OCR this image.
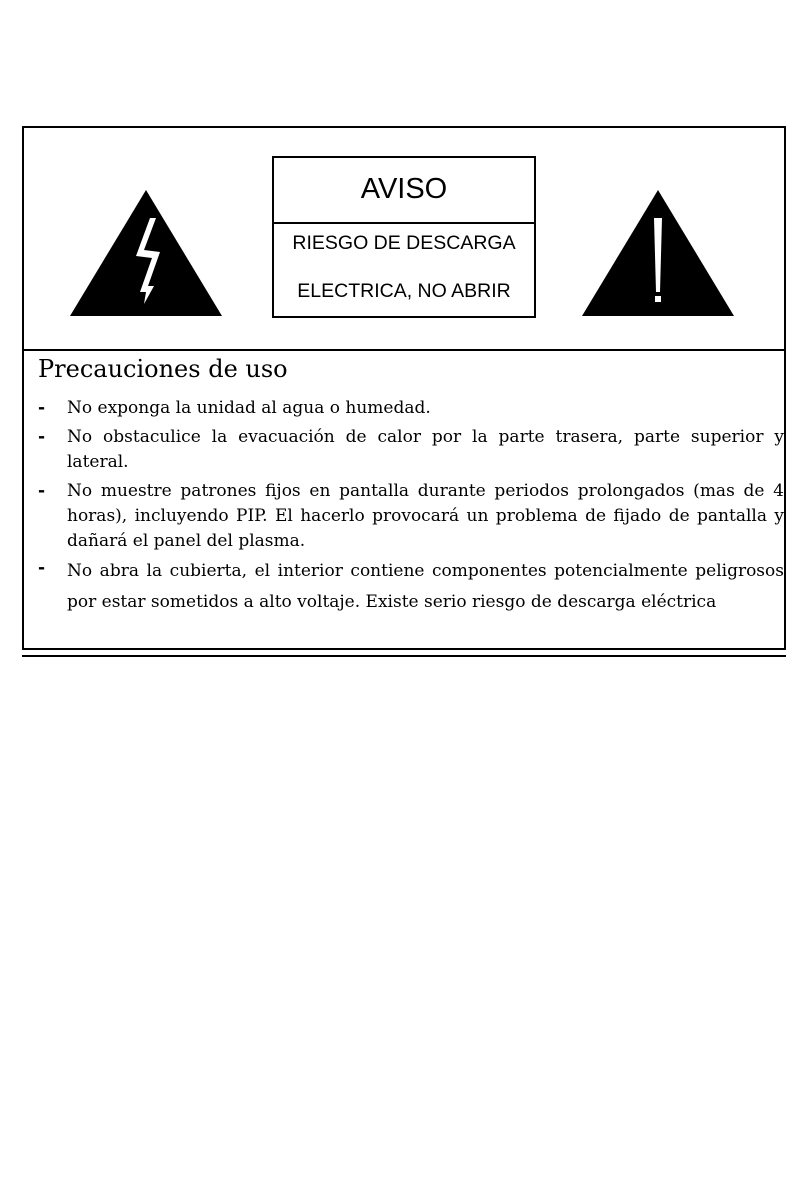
AVISO
RIESGO DE DESCARGA
ELECTRICA, NO ABRIR
Precauciones de uso
- No exponga la unidad al agua o humedad.
- No obstaculice la evacuación de calor por la parte trasera, parte superior y lateral.
- No muestre patrones fijos en pantalla durante periodos prolongados (mas de 4 horas), incluyendo PIP. El hacerlo provocará un problema de fijado de pantalla y dañará el panel del plasma.
- No abra la cubierta, el interior contiene componentes potencialmente peligrosos por estar sometidos a alto voltaje. Existe serio riesgo de descarga eléctrica
